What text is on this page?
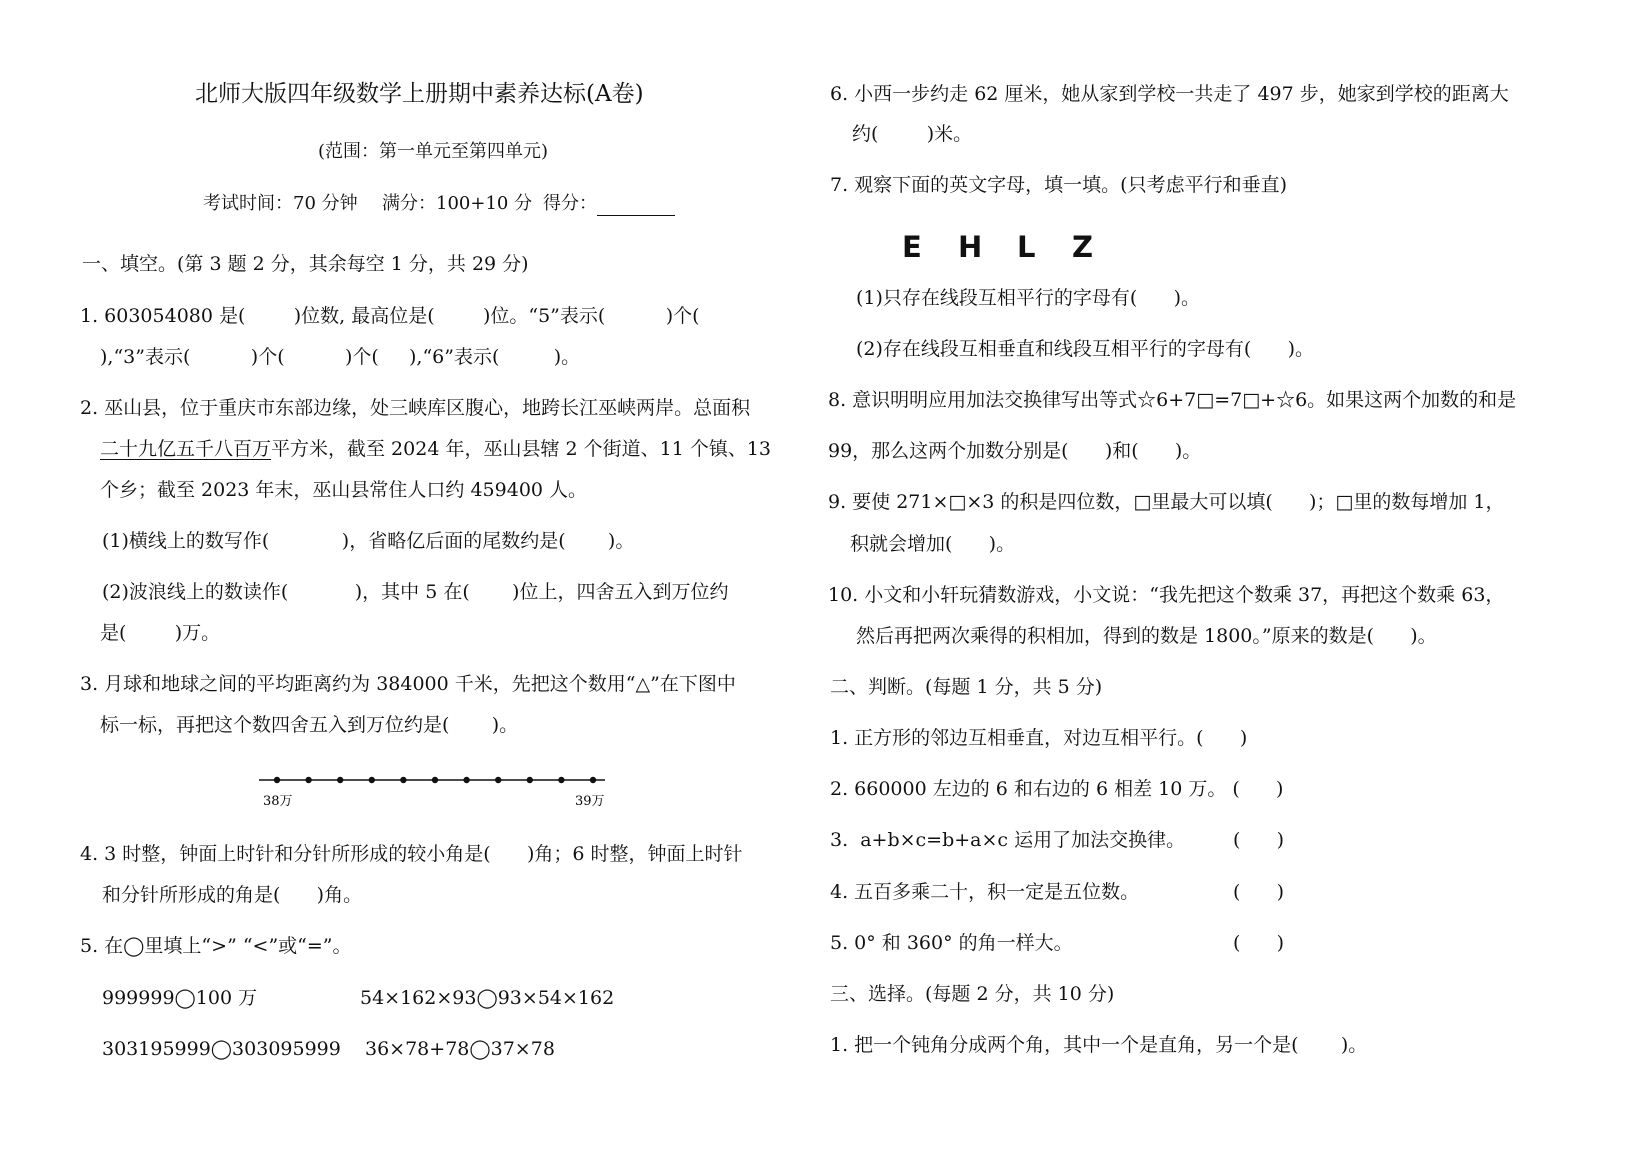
北师大版四年级数学上册期中素养达标(A卷)
(范围：第一单元至第四单元)
考试时间：70 分钟 满分：100+10 分 得分：
一、填空。(第 3 题 2 分，其余每空 1 分，共 29 分)
1. 603054080 是(        )位数, 最高位是(        )位。“5”表示(          )个(
),“3”表示(          )个(          )个(     ),“6”表示(         )。
2. 巫山县，位于重庆市东部边缘，处三峡库区腹心，地跨长江巫峡两岸。总面积
二十九亿五千八百万平方米，截至 2024 年，巫山县辖 2 个街道、11 个镇、13
个乡；截至 2023 年末，巫山县常住人口约 459400 人。
(1)横线上的数写作(            )，省略亿后面的尾数约是(       )。
(2)波浪线上的数读作(           )，其中 5 在(       )位上，四舍五入到万位约
是(        )万。
3. 月球和地球之间的平均距离约为 384000 千米，先把这个数用“△”在下图中
标一标，再把这个数四舍五入到万位约是(       )。
38万	39万
4. 3 时整，钟面上时针和分针所形成的较小角是(      )角；6 时整，钟面上时针
和分针所形成的角是(      )角。
5. 在◯里填上“>” “<”或“=”。
999999◯100 万	54×162×93◯93×54×162
303195999◯303095999 36×78+78◯37×78
6. 小西一步约走 62 厘米，她从家到学校一共走了 497 步，她家到学校的距离大
约(        )米。
7. 观察下面的英文字母，填一填。(只考虑平行和垂直)
E H L Z
(1)只存在线段互相平行的字母有(      )。
(2)存在线段互相垂直和线段互相平行的字母有(      )。
8. 意识明明应用加法交换律写出等式☆6+7□=7□+☆6。如果这两个加数的和是
99，那么这两个加数分别是(      )和(      )。
9. 要使 271×□×3 的积是四位数，□里最大可以填(      )；□里的数每增加 1，
积就会增加(      )。
10. 小文和小轩玩猜数游戏，小文说：“我先把这个数乘 37，再把这个数乘 63，
然后再把两次乘得的积相加，得到的数是 1800。”原来的数是(      )。
二、判断。(每题 1 分，共 5 分)
1. 正方形的邻边互相垂直，对边互相平行。(      )
2. 660000 左边的 6 和右边的 6 相差 10 万。 (      )
3.  a+b×c=b+a×c 运用了加法交换律。	(      )
4. 五百多乘二十，积一定是五位数。	(      )
5. 0° 和 360° 的角一样大。	(      )
三、选择。(每题 2 分，共 10 分)
1. 把一个钝角分成两个角，其中一个是直角，另一个是(       )。
